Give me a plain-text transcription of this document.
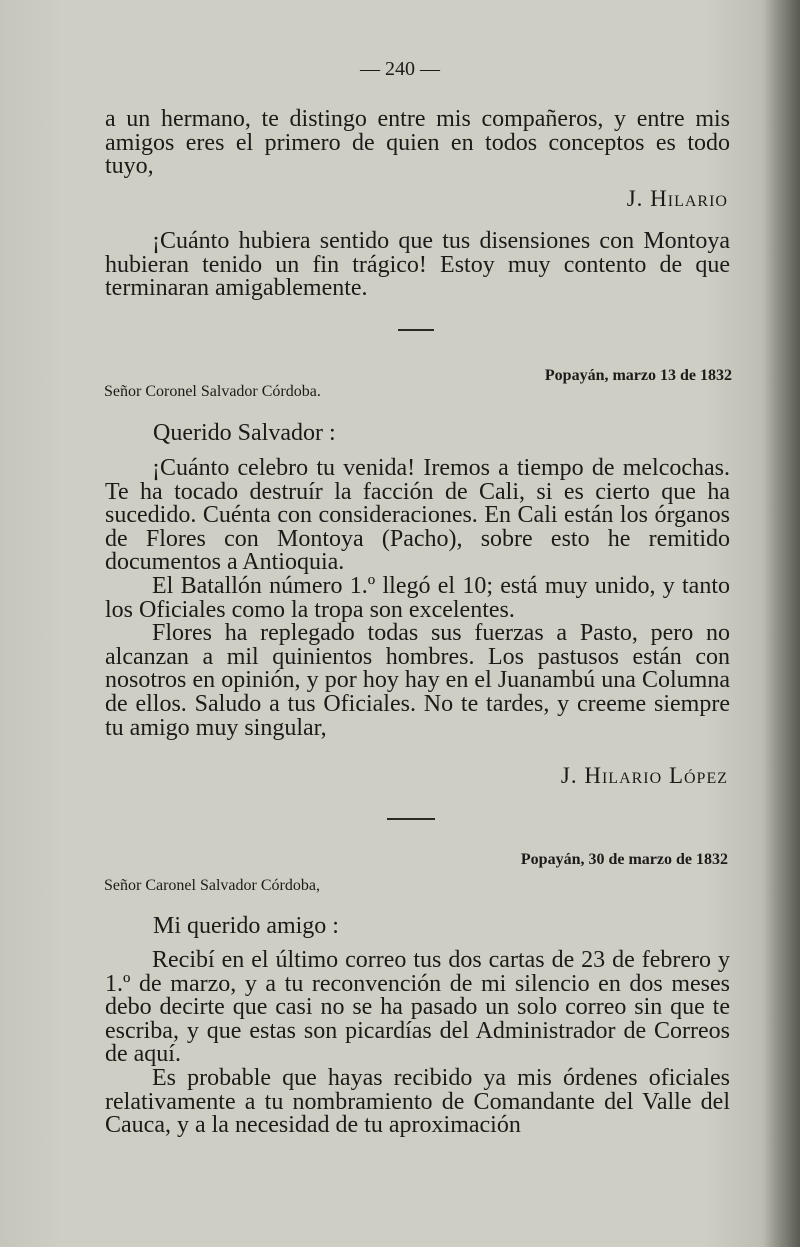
— 240 —

a un hermano, te distingo entre mis compañeros, y entre mis amigos eres el primero de quien en todos conceptos es todo tuyo,

J. Hilario

¡Cuánto hubiera sentido que tus disensiones con Montoya hubieran tenido un fin trágico! Estoy muy contento de que terminaran amigablemente.

Popayán, marzo 13 de 1832
Señor Coronel Salvador Córdoba.
Querido Salvador :

¡Cuánto celebro tu venida! Iremos a tiempo de melcochas. Te ha tocado destruír la facción de Cali, si es cierto que ha sucedido. Cuénta con consideraciones. En Cali están los órganos de Flores con Montoya (Pacho), sobre esto he remitido documentos a Antioquia.

El Batallón número 1.º llegó el 10; está muy unido, y tanto los Oficiales como la tropa son excelentes.

Flores ha replegado todas sus fuerzas a Pasto, pero no alcanzan a mil quinientos hombres. Los pastusos están con nosotros en opinión, y por hoy hay en el Juanambú una Columna de ellos. Saludo a tus Oficiales. No te tardes, y creeme siempre tu amigo muy singular,

J. Hilario López
Popayán, 30 de marzo de 1832
Señor Caronel Salvador Córdoba,
Mi querido amigo :

Recibí en el último correo tus dos cartas de 23 de febrero y 1.º de marzo, y a tu reconvención de mi silencio en dos meses debo decirte que casi no se ha pasado un solo correo sin que te escriba, y que estas son picardías del Administrador de Correos de aquí.

Es probable que hayas recibido ya mis órdenes oficiales relativamente a tu nombramiento de Comandante del Valle del Cauca, y a la necesidad de tu aproximación
